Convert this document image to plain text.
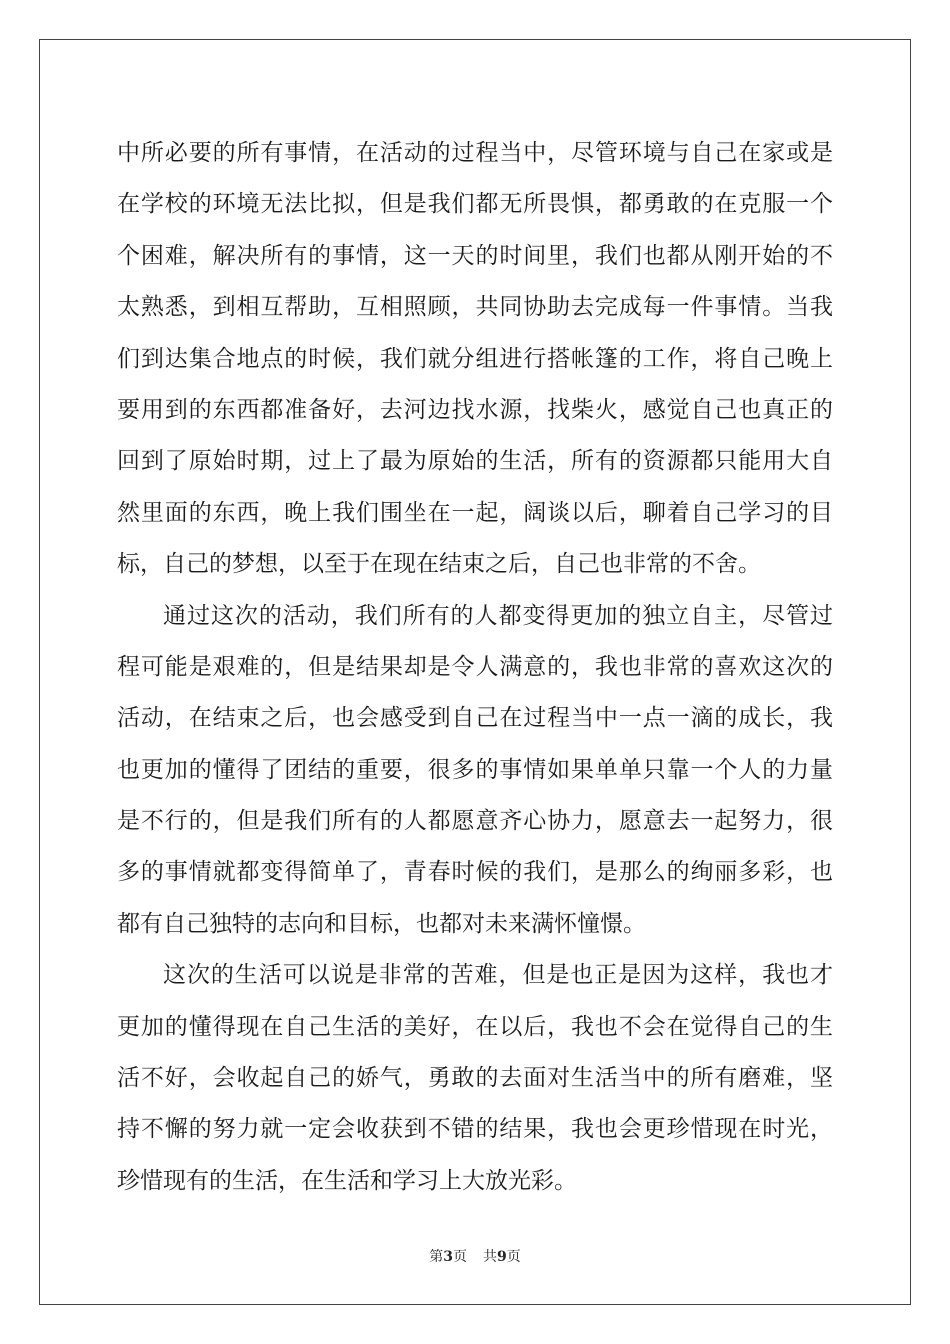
中所必要的所有事情，在活动的过程当中，尽管环境与自己在家或是
在学校的环境无法比拟，但是我们都无所畏惧，都勇敢的在克服一个
个困难，解决所有的事情，这一天的时间里，我们也都从刚开始的不
太熟悉，到相互帮助，互相照顾，共同协助去完成每一件事情。当我
们到达集合地点的时候，我们就分组进行搭帐篷的工作，将自己晚上
要用到的东西都准备好，去河边找水源，找柴火，感觉自己也真正的
回到了原始时期，过上了最为原始的生活，所有的资源都只能用大自
然里面的东西，晚上我们围坐在一起，阔谈以后，聊着自己学习的目
标，自己的梦想，以至于在现在结束之后，自己也非常的不舍。
通过这次的活动，我们所有的人都变得更加的独立自主，尽管过
程可能是艰难的，但是结果却是令人满意的，我也非常的喜欢这次的
活动，在结束之后，也会感受到自己在过程当中一点一滴的成长，我
也更加的懂得了团结的重要，很多的事情如果单单只靠一个人的力量
是不行的，但是我们所有的人都愿意齐心协力，愿意去一起努力，很
多的事情就都变得简单了，青春时候的我们，是那么的绚丽多彩，也
都有自己独特的志向和目标，也都对未来满怀憧憬。
这次的生活可以说是非常的苦难，但是也正是因为这样，我也才
更加的懂得现在自己生活的美好，在以后，我也不会在觉得自己的生
活不好，会收起自己的娇气，勇敢的去面对生活当中的所有磨难，坚
持不懈的努力就一定会收获到不错的结果，我也会更珍惜现在时光，
珍惜现有的生活，在生活和学习上大放光彩。
第3页 共9页
